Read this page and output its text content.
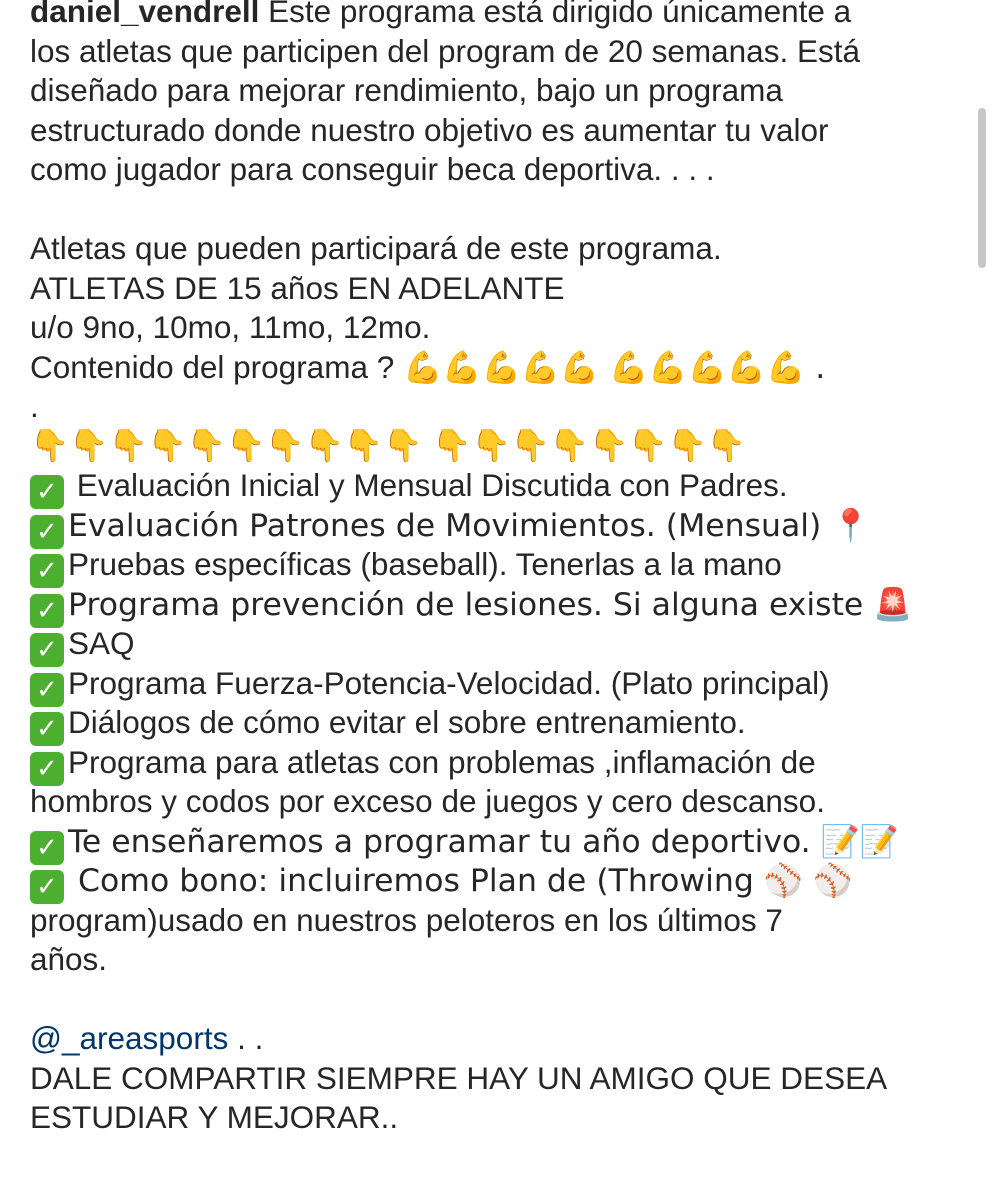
daniel_vendrell Este programa está dirigido únicamente a
los atletas que participen del program de 20 semanas. Está
diseñado para mejorar rendimiento, bajo un programa
estructurado donde nuestro objetivo es aumentar tu valor
como jugador para conseguir beca deportiva. . . .
Atletas que pueden participará de este programa.
ATLETAS DE 15 años EN ADELANTE
u/o 9no, 10mo, 11mo, 12mo.
Contenido del programa ? 💪💪💪💪💪 💪💪💪💪💪 .
.
👇👇👇👇👇👇👇👇👇👇 👇👇👇👇👇👇👇👇
✓ Evaluación Inicial y Mensual Discutida con Padres.
✓ Evaluación Patrones de Movimientos. (Mensual) 📍
✓ Pruebas específicas (baseball). Tenerlas a la mano
✓ Programa prevención de lesiones. Si alguna existe 🚨
✓ SAQ
✓ Programa Fuerza-Potencia-Velocidad. (Plato principal)
✓ Diálogos de cómo evitar el sobre entrenamiento.
✓ Programa para atletas con problemas ,inflamación de
hombros y codos por exceso de juegos y cero descanso.
✓ Te enseñaremos a programar tu año deportivo. 📝📝
✓ Como bono: incluiremos Plan de (Throwing ⚾ ⚾
program)usado en nuestros peloteros en los últimos 7
años.
@_areasports . .
DALE COMPARTIR SIEMPRE HAY UN AMIGO QUE DESEA
ESTUDIAR Y MEJORAR..
